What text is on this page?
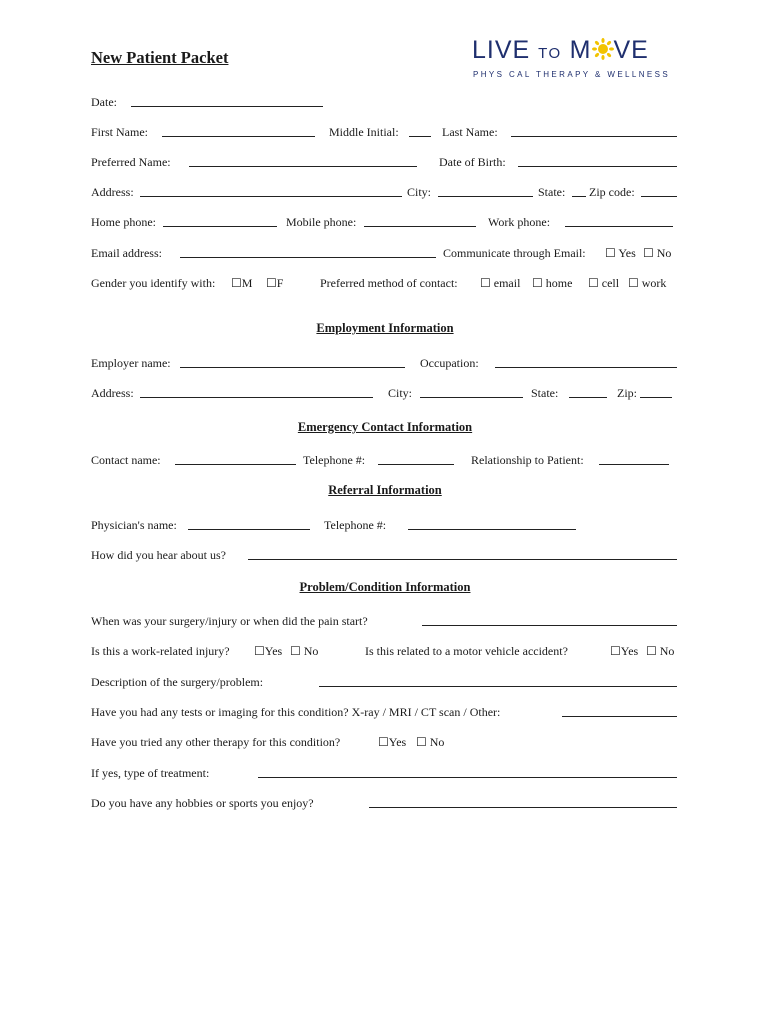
New Patient Packet	LIVE TO M VE
PHYS CAL THERAPY & WELLNESS
Date:
First Name:	Middle Initial:	Last Name:
Preferred Name:	Date of Birth:
Address:	City:	State: Zip code:
Home phone:	Mobile phone:	Work phone:
Email address:	Communicate through Email: ☐ Yes ☐ No
Gender you identify with: ☐M ☐F	Preferred method of contact: ☐ email ☐ home ☐ cell ☐ work
Employment Information
Employer name:	Occupation:
Address:	City:	State:	Zip:
Emergency Contact Information
Contact name:	Telephone #:	Relationship to Patient:
Referral Information
Physician's name:	Telephone #:
How did you hear about us?
Problem/Condition Information
When was your surgery/injury or when did the pain start?
Is this a work-related injury? ☐Yes ☐ No	Is this related to a motor vehicle accident?	☐Yes ☐ No
Description of the surgery/problem:
Have you had any tests or imaging for this condition? X-ray / MRI / CT scan / Other:
Have you tried any other therapy for this condition?	☐Yes ☐ No
If yes, type of treatment:
Do you have any hobbies or sports you enjoy?
